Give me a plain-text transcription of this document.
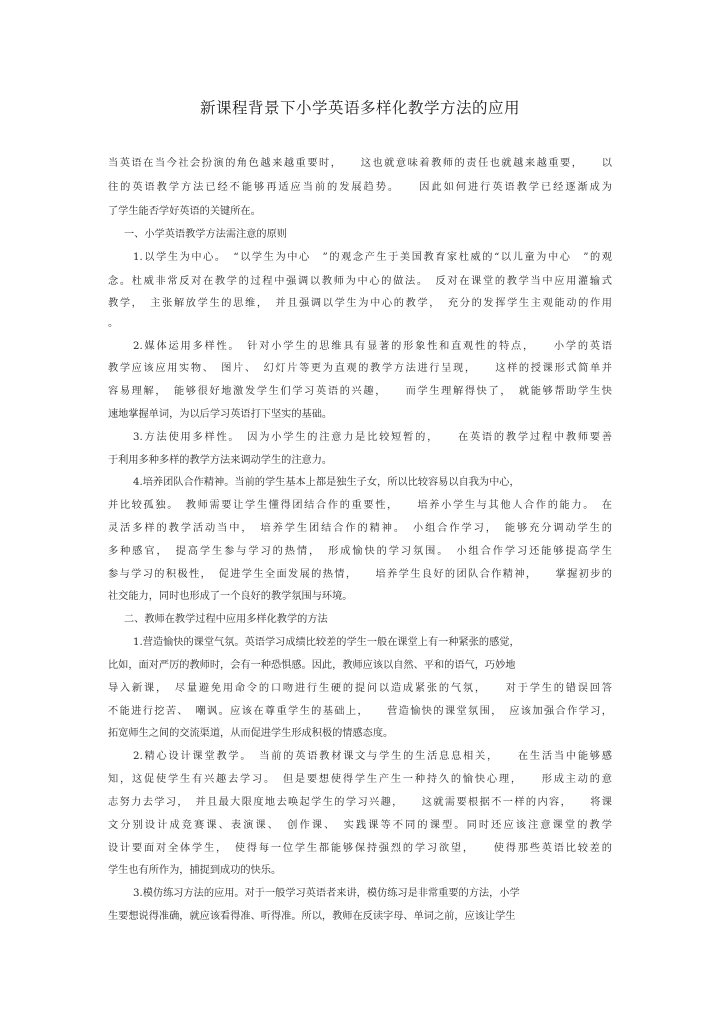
新课程背景下小学英语多样化教学方法的应用
当英语在当今社会扮演的角色越来越重要时，　　这也就意味着教师的责任也就越来越重要，　　以
往的英语教学方法已经不能够再适应当前的发展趋势。　　因此如何进行英语教学已经逐渐成为
了学生能否学好英语的关键所在。
一、小学英语教学方法需注意的原则
1.以学生为中心。　“以学生为中心　”的观念产生于美国教育家杜威的“以儿童为中心　”的观
念。杜威非常反对在教学的过程中强调以教师为中心的做法。　反对在课堂的教学当中应用灌输式
教学，　主张解放学生的思维，　并且强调以学生为中心的教学，　充分的发挥学生主观能动的作用
。
2.媒体运用多样性。　针对小学生的思维具有显著的形象性和直观性的特点，　　小学的英语
教学应该应用实物、　图片、　幻灯片等更为直观的教学方法进行呈现，　　这样的授课形式简单并
容易理解，　能够很好地激发学生们学习英语的兴趣，　　而学生理解得快了，　就能够帮助学生快
速地掌握单词，为以后学习英语打下坚实的基础。
3.方法使用多样性。　因为小学生的注意力是比较短暂的，　　在英语的教学过程中教师要善
于利用多种多样的教学方法来调动学生的注意力。
4.培养团队合作精神。当前的学生基本上都是独生子女，所以比较容易以自我为中心，
并比较孤独。　教师需要让学生懂得团结合作的重要性，　　培养小学生与其他人合作的能力。　在
灵活多样的教学活动当中，　培养学生团结合作的精神。　小组合作学习，　能够充分调动学生的
多种感官，　提高学生参与学习的热情，　形成愉快的学习氛围。　小组合作学习还能够提高学生
参与学习的积极性，　促进学生全面发展的热情，　　培养学生良好的团队合作精神，　　掌握初步的
社交能力，同时也形成了一个良好的教学氛围与环境。
二、教师在教学过程中应用多样化教学的方法
1.营造愉快的课堂气氛。英语学习成绩比较差的学生一般在课堂上有一种紧张的感觉，
比如，面对严厉的教师时，会有一种恐惧感。因此，教师应该以自然、平和的语气，巧妙地
导入新课，　尽量避免用命令的口吻进行生硬的提问以造成紧张的气氛，　　对于学生的错误回答
不能进行挖苦、　嘲讽。应该在尊重学生的基础上，　　营造愉快的课堂氛围，　应该加强合作学习，
拓宽师生之间的交流渠道，从而促进学生形成积极的情感态度。
2.精心设计课堂教学。　当前的英语教材课文与学生的生活息息相关，　　在生活当中能够感
知，这促使学生有兴趣去学习。　但是要想使得学生产生一种持久的愉快心理，　　形成主动的意
志努力去学习，　并且最大限度地去唤起学生的学习兴趣，　　这就需要根据不一样的内容，　　将课
文分别设计成竞赛课、表演课、　创作课、　实践课等不同的课型。同时还应该注意课堂的教学
设计要面对全体学生，　使得每一位学生都能够保持强烈的学习欲望，　　使得那些英语比较差的
学生也有所作为，捕捉到成功的快乐。
3.模仿练习方法的应用。对于一般学习英语者来讲，模仿练习是非常重要的方法，小学
生要想说得准确，就应该看得准、听得准。所以，教师在反读字母、单词之前，应该让学生
